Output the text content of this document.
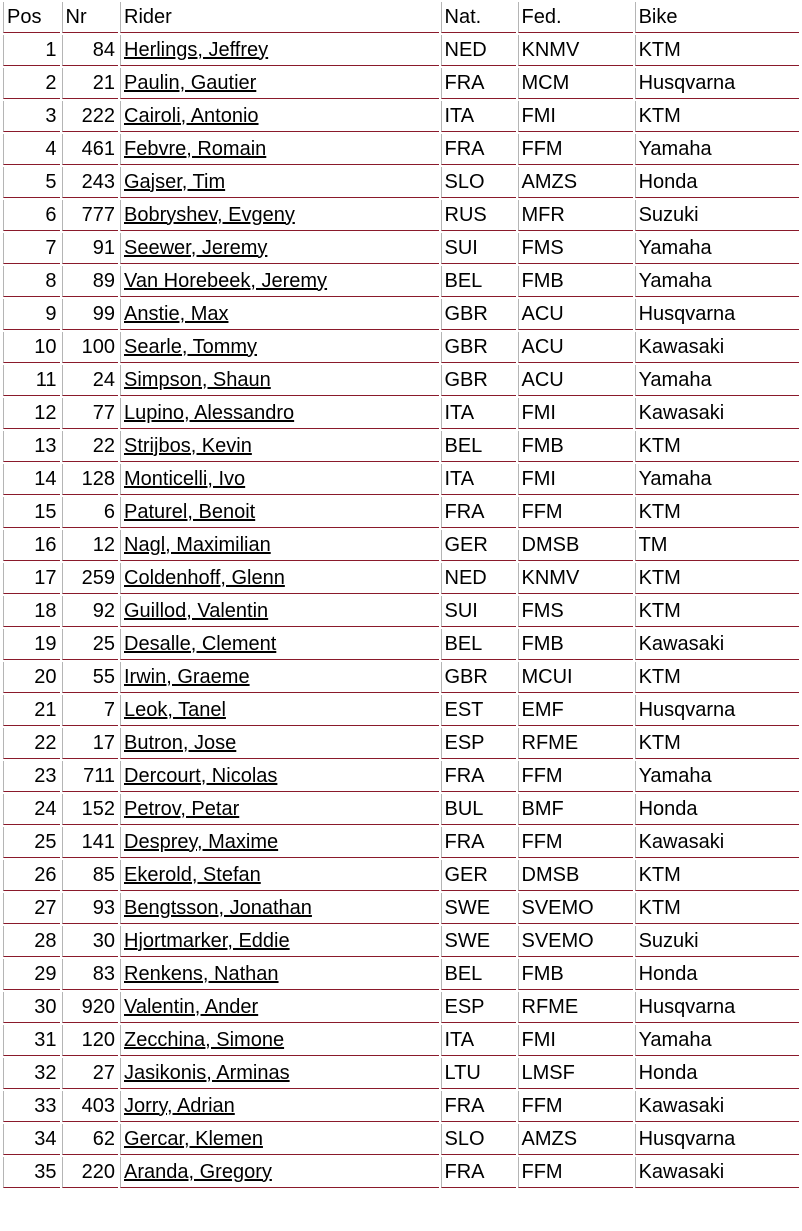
Pos	Nr	Rider	Nat.	Fed.	Bike
1	84	Herlings, Jeffrey	NED	KNMV	KTM
2	21	Paulin, Gautier	FRA	MCM	Husqvarna
3	222	Cairoli, Antonio	ITA	FMI	KTM
4	461	Febvre, Romain	FRA	FFM	Yamaha
5	243	Gajser, Tim	SLO	AMZS	Honda
6	777	Bobryshev, Evgeny	RUS	MFR	Suzuki
7	91	Seewer, Jeremy	SUI	FMS	Yamaha
8	89	Van Horebeek, Jeremy	BEL	FMB	Yamaha
9	99	Anstie, Max	GBR	ACU	Husqvarna
10	100	Searle, Tommy	GBR	ACU	Kawasaki
11	24	Simpson, Shaun	GBR	ACU	Yamaha
12	77	Lupino, Alessandro	ITA	FMI	Kawasaki
13	22	Strijbos, Kevin	BEL	FMB	KTM
14	128	Monticelli, Ivo	ITA	FMI	Yamaha
15	6	Paturel, Benoit	FRA	FFM	KTM
16	12	Nagl, Maximilian	GER	DMSB	TM
17	259	Coldenhoff, Glenn	NED	KNMV	KTM
18	92	Guillod, Valentin	SUI	FMS	KTM
19	25	Desalle, Clement	BEL	FMB	Kawasaki
20	55	Irwin, Graeme	GBR	MCUI	KTM
21	7	Leok, Tanel	EST	EMF	Husqvarna
22	17	Butron, Jose	ESP	RFME	KTM
23	711	Dercourt, Nicolas	FRA	FFM	Yamaha
24	152	Petrov, Petar	BUL	BMF	Honda
25	141	Desprey, Maxime	FRA	FFM	Kawasaki
26	85	Ekerold, Stefan	GER	DMSB	KTM
27	93	Bengtsson, Jonathan	SWE	SVEMO	KTM
28	30	Hjortmarker, Eddie	SWE	SVEMO	Suzuki
29	83	Renkens, Nathan	BEL	FMB	Honda
30	920	Valentin, Ander	ESP	RFME	Husqvarna
31	120	Zecchina, Simone	ITA	FMI	Yamaha
32	27	Jasikonis, Arminas	LTU	LMSF	Honda
33	403	Jorry, Adrian	FRA	FFM	Kawasaki
34	62	Gercar, Klemen	SLO	AMZS	Husqvarna
35	220	Aranda, Gregory	FRA	FFM	Kawasaki
